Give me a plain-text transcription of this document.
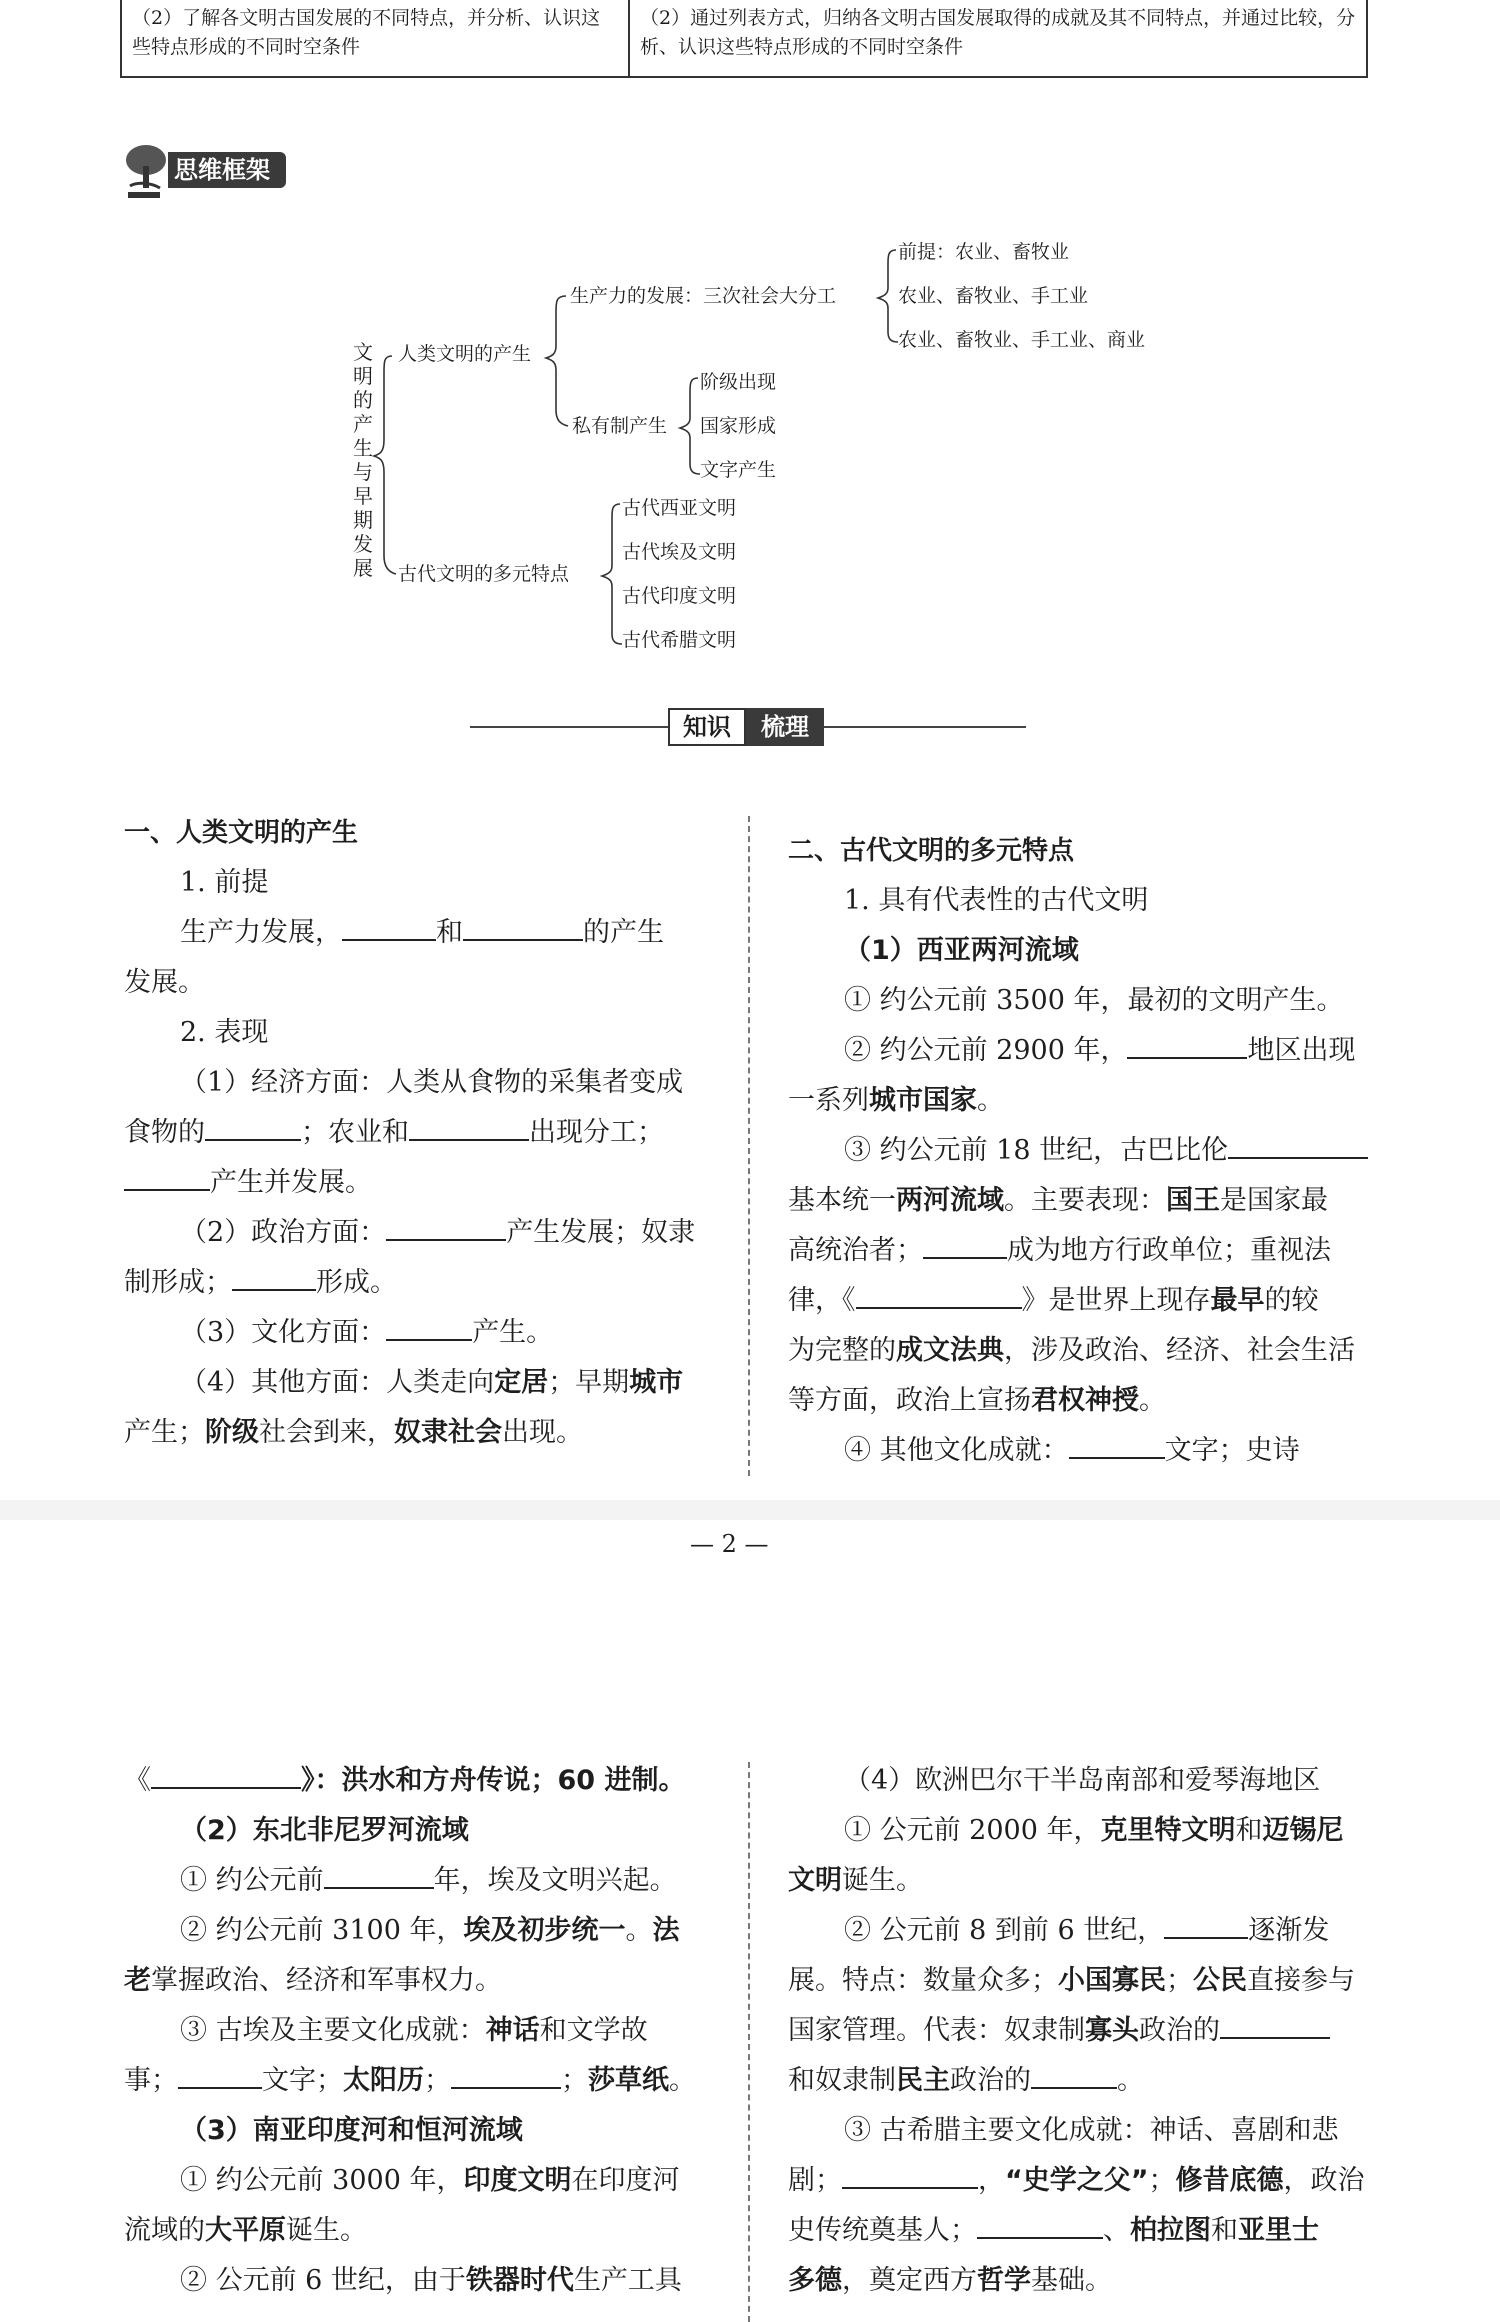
（2）了解各文明古国发展的不同特点，并分析、认识这些特点形成的不同时空条件
（2）通过列表方式，归纳各文明古国发展取得的成就及其不同特点，并通过比较，分析、认识这些特点形成的不同时空条件
思维框架
文明的产生与早期发展
人类文明的产生
生产力的发展：三次社会大分工
前提：农业、畜牧业
农业、畜牧业、手工业
农业、畜牧业、手工业、商业
私有制产生
阶级出现
国家形成
文字产生
古代文明的多元特点
古代西亚文明
古代埃及文明
古代印度文明
古代希腊文明
知识	梳理

一、人类文明的产生

1. 前提

生产力发展，	和	的产生

发展。

2. 表现

（1）经济方面：人类从食物的采集者变成

食物的	；农业和	出现分工；

产生并发展。

（2）政治方面：	产生发展；奴隶

制形成；	形成。

（3）文化方面：	产生。

（4）其他方面：人类走向定居；早期城市

产生；阶级社会到来，奴隶社会出现。

二、古代文明的多元特点

1. 具有代表性的古代文明

（1）西亚两河流域

① 约公元前 3500 年，最初的文明产生。

② 约公元前 2900 年，	地区出现

一系列城市国家。

③ 约公元前 18 世纪，古巴比伦

基本统一两河流域。主要表现：国王是国家最

高统治者；	成为地方行政单位；重视法

律，《	》是世界上现存最早的较

为完整的成文法典，涉及政治、经济、社会生活

等方面，政治上宣扬君权神授。

④ 其他文化成就：	文字；史诗

— 2 —

《	》：洪水和方舟传说；60 进制。

（2）东北非尼罗河流域

① 约公元前	年，埃及文明兴起。

② 约公元前 3100 年，埃及初步统一。法

老掌握政治、经济和军事权力。

③ 古埃及主要文化成就：神话和文学故

事；	文字；太阳历；	；莎草纸。

（3）南亚印度河和恒河流域

① 约公元前 3000 年，印度文明在印度河

流域的大平原诞生。

② 公元前 6 世纪，由于铁器时代生产工具

（4）欧洲巴尔干半岛南部和爱琴海地区

① 公元前 2000 年，克里特文明和迈锡尼

文明诞生。

② 公元前 8 到前 6 世纪，	逐渐发

展。特点：数量众多；小国寡民；公民直接参与

国家管理。代表：奴隶制寡头政治的

和奴隶制民主政治的	。

③ 古希腊主要文化成就：神话、喜剧和悲

剧；	，“史学之父”；修昔底德，政治

史传统奠基人；	、柏拉图和亚里士

多德，奠定西方哲学基础。
